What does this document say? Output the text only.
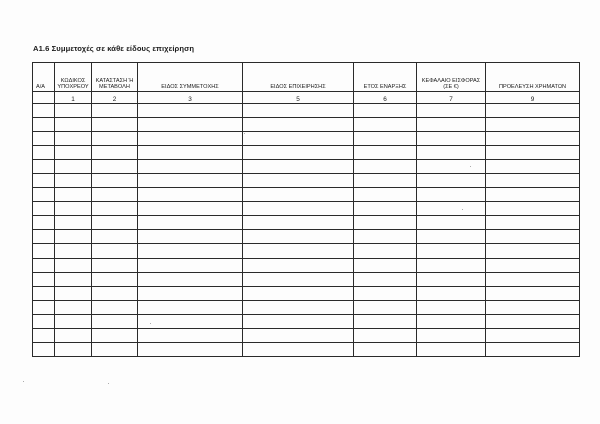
Α1.6 Συμμετοχές σε κάθε είδους επιχείρηση
Α/Α	ΚΩΔΙΚΟΣ ΥΠΟΧΡΕΟΥ	ΚΑΤΑΣΤΑΣΗ Ή ΜΕΤΑΒΟΛΗ	ΕΙΔΟΣ ΣΥΜΜΕΤΟΧΗΣ	ΕΙΔΟΣ ΕΠΙΧΕΙΡΗΣΗΣ	ΕΤΟΣ ΕΝΑΡΞΗΣ	ΚΕΦΑΛΑΙΟ ΕΙΣΦΟΡΑΣ (ΣΕ €)	ΠΡΟΕΛΕΥΣΗ ΧΡΗΜΑΤΩΝ
	1	2	3	5	6	7	9
